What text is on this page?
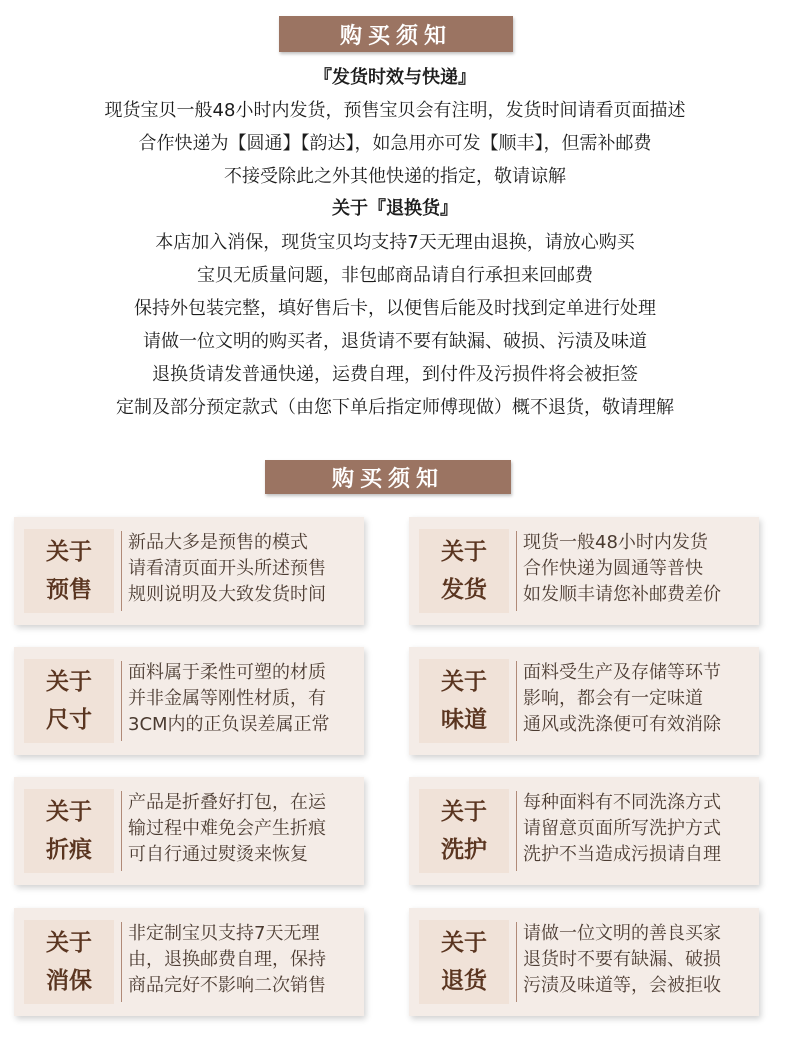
购买须知
『发货时效与快递』
现货宝贝一般48小时内发货，预售宝贝会有注明，发货时间请看页面描述
合作快递为【圆通】【韵达】，如急用亦可发【顺丰】，但需补邮费
不接受除此之外其他快递的指定，敬请谅解
关于『退换货』
本店加入消保，现货宝贝均支持7天无理由退换，请放心购买
宝贝无质量问题，非包邮商品请自行承担来回邮费
保持外包装完整，填好售后卡，以便售后能及时找到定单进行处理
请做一位文明的购买者，退货请不要有缺漏、破损、污渍及味道
退换货请发普通快递，运费自理，到付件及污损件将会被拒签
定制及部分预定款式（由您下单后指定师傅现做）概不退货，敬请理解
购买须知
关于
预售
新品大多是预售的模式
请看清页面开头所述预售
规则说明及大致发货时间
关于
发货
现货一般48小时内发货
合作快递为圆通等普快
如发顺丰请您补邮费差价
关于
尺寸
面料属于柔性可塑的材质
并非金属等刚性材质，有
3CM内的正负误差属正常
关于
味道
面料受生产及存储等环节
影响，都会有一定味道
通风或洗涤便可有效消除
关于
折痕
产品是折叠好打包，在运
输过程中难免会产生折痕
可自行通过熨烫来恢复
关于
洗护
每种面料有不同洗涤方式
请留意页面所写洗护方式
洗护不当造成污损请自理
关于
消保
非定制宝贝支持7天无理
由，退换邮费自理，保持
商品完好不影响二次销售
关于
退货
请做一位文明的善良买家
退货时不要有缺漏、破损
污渍及味道等，会被拒收
